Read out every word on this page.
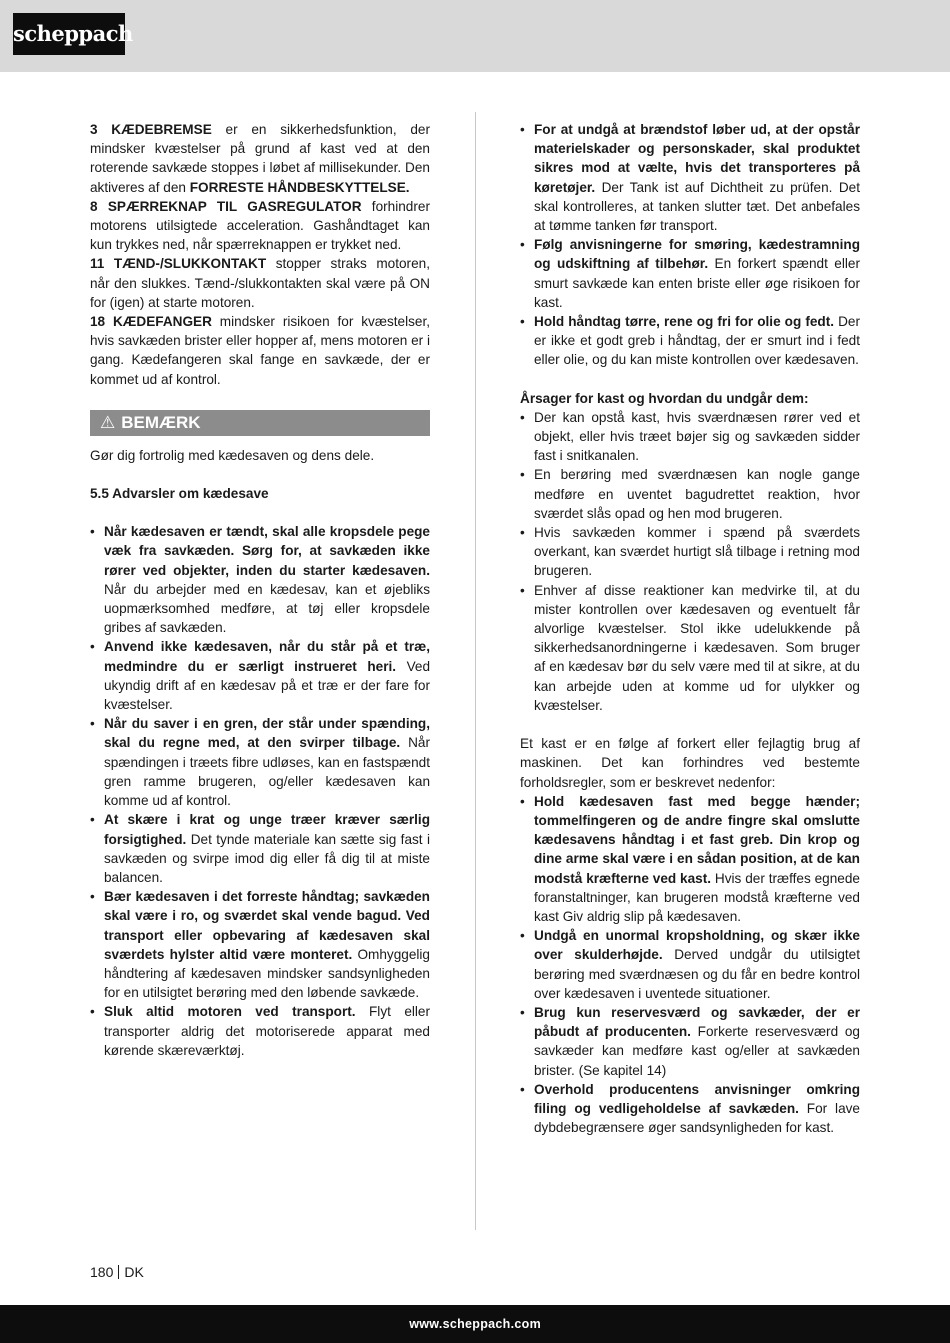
scheppach

3 KÆDEBREMSE er en sikkerhedsfunktion, der mindsker kvæstelser på grund af kast ved at den roterende savkæde stoppes i løbet af millisekunder. Den aktiveres af den FORRESTE HÅNDBESKYTTELSE.

8 SPÆRREKNAP TIL GASREGULATOR forhindrer motorens utilsigtede acceleration. Gashåndtaget kan kun trykkes ned, når spærreknappen er trykket ned.

11 TÆND-/SLUKKONTAKT stopper straks motoren, når den slukkes. Tænd-/slukkontakten skal være på ON for (igen) at starte motoren.

18 KÆDEFANGER mindsker risikoen for kvæstelser, hvis savkæden brister eller hopper af, mens motoren er i gang. Kædefangeren skal fange en savkæde, der er kommet ud af kontrol.

⚠ BEMÆRK

Gør dig fortrolig med kædesaven og dens dele.

5.5 Advarsler om kædesave

• Når kædesaven er tændt, skal alle kropsdele pege væk fra savkæden. Sørg for, at savkæden ikke rører ved objekter, inden du starter kædesaven. Når du arbejder med en kædesav, kan et øjebliks uopmærksomhed medføre, at tøj eller kropsdele gribes af savkæden.
• Anvend ikke kædesaven, når du står på et træ, medmindre du er særligt instrueret heri. Ved ukyndig drift af en kædesav på et træ er der fare for kvæstelser.
• Når du saver i en gren, der står under spænding, skal du regne med, at den svirper tilbage. Når spændingen i træets fibre udløses, kan en fastspændt gren ramme brugeren, og/eller kædesaven kan komme ud af kontrol.
• At skære i krat og unge træer kræver særlig forsigtighed. Det tynde materiale kan sætte sig fast i savkæden og svirpe imod dig eller få dig til at miste balancen.
• Bær kædesaven i det forreste håndtag; savkæden skal være i ro, og sværdet skal vende bagud. Ved transport eller opbevaring af kædesaven skal sværdets hylster altid være monteret. Omhyggelig håndtering af kædesaven mindsker sandsynligheden for en utilsigtet berøring med den løbende savkæde.
• Sluk altid motoren ved transport. Flyt eller transporter aldrig det motoriserede apparat med kørende skæreværktøj.
• For at undgå at brændstof løber ud, at der opstår materielskader og personskader, skal produktet sikres mod at vælte, hvis det transporteres på køretøjer. Der Tank ist auf Dichtheit zu prüfen. Det skal kontrolleres, at tanken slutter tæt. Det anbefales at tømme tanken før transport.
• Følg anvisningerne for smøring, kædestramning og udskiftning af tilbehør. En forkert spændt eller smurt savkæde kan enten briste eller øge risikoen for kast.
• Hold håndtag tørre, rene og fri for olie og fedt. Der er ikke et godt greb i håndtag, der er smurt ind i fedt eller olie, og du kan miste kontrollen over kædesaven.

Årsager for kast og hvordan du undgår dem:

• Der kan opstå kast, hvis sværdnæsen rører ved et objekt, eller hvis træet bøjer sig og savkæden sidder fast i snitkanalen.
• En berøring med sværdnæsen kan nogle gange medføre en uventet bagudrettet reaktion, hvor sværdet slås opad og hen mod brugeren.
• Hvis savkæden kommer i spænd på sværdets overkant, kan sværdet hurtigt slå tilbage i retning mod brugeren.
• Enhver af disse reaktioner kan medvirke til, at du mister kontrollen over kædesaven og eventuelt får alvorlige kvæstelser. Stol ikke udelukkende på sikkerhedsanordningerne i kædesaven. Som bruger af en kædesav bør du selv være med til at sikre, at du kan arbejde uden at komme ud for ulykker og kvæstelser.

Et kast er en følge af forkert eller fejlagtig brug af maskinen. Det kan forhindres ved bestemte forholdsregler, som er beskrevet nedenfor:

• Hold kædesaven fast med begge hænder; tommelfingeren og de andre fingre skal omslutte kædesavens håndtag i et fast greb. Din krop og dine arme skal være i en sådan position, at de kan modstå kræfterne ved kast. Hvis der træffes egnede foranstaltninger, kan brugeren modstå kræfterne ved kast Giv aldrig slip på kædesaven.
• Undgå en unormal kropsholdning, og skær ikke over skulderhøjde. Derved undgår du utilsigtet berøring med sværdnæsen og du får en bedre kontrol over kædesaven i uventede situationer.
• Brug kun reservesværd og savkæder, der er påbudt af producenten. Forkerte reservesværd og savkæder kan medføre kast og/eller at savkæden brister. (Se kapitel 14)
• Overhold producentens anvisninger omkring filing og vedligeholdelse af savkæden. For lave dybdebegrænsere øger sandsynligheden for kast.
180 DK
www.scheppach.com
